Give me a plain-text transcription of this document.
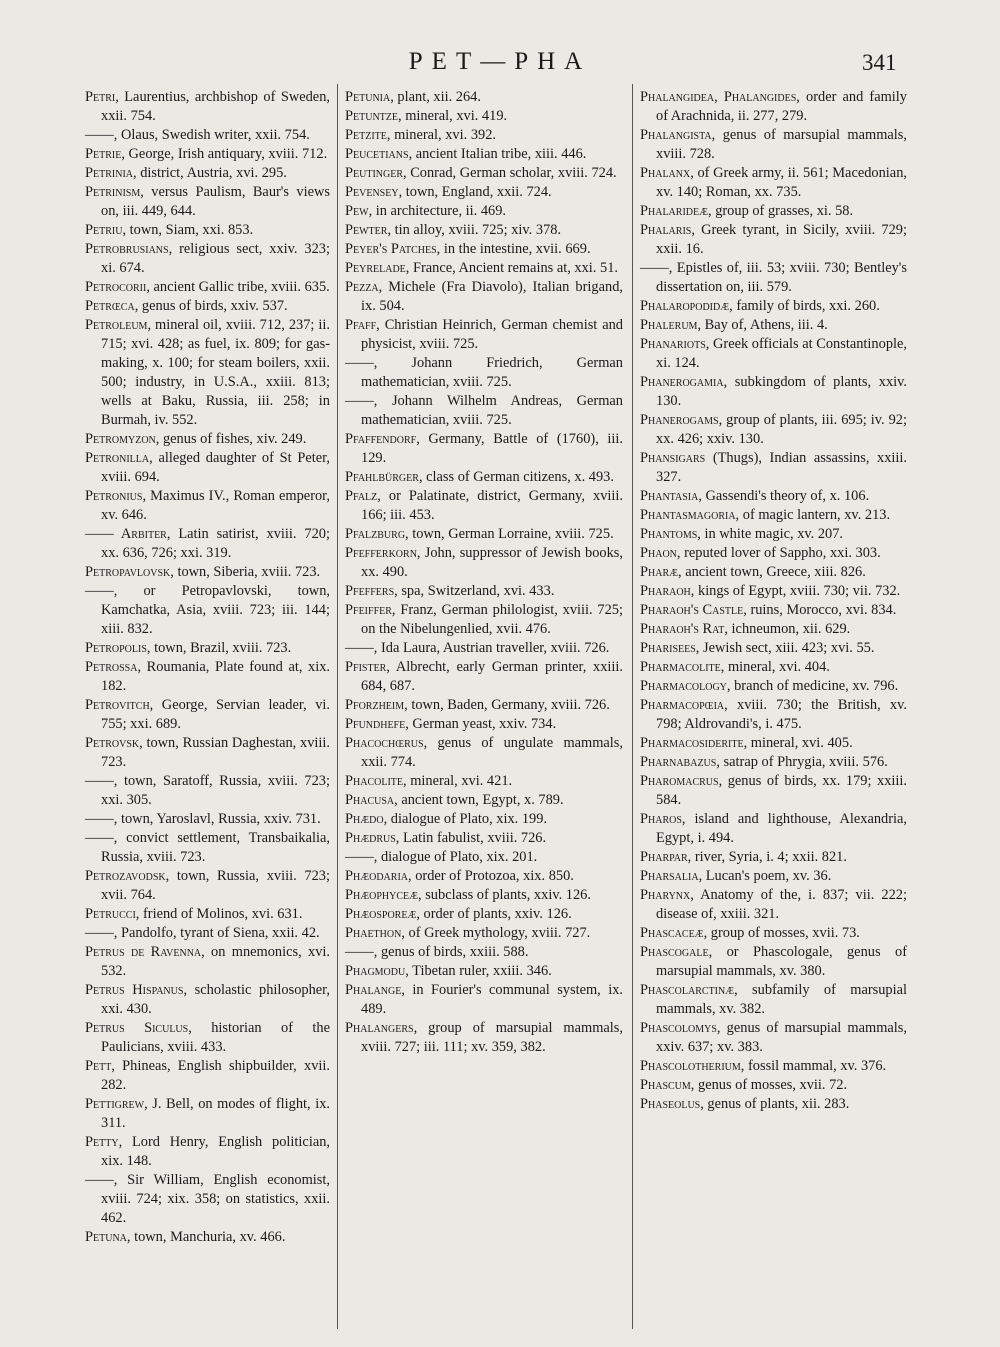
PET—PHA	341

Petri, Laurentius, archbishop of Sweden, xxii. 754.

——, Olaus, Swedish writer, xxii. 754.

Petrie, George, Irish antiquary, xviii. 712.

Petrinia, district, Austria, xvi. 295.

Petrinism, versus Paulism, Baur's views on, iii. 449, 644.

Petriu, town, Siam, xxi. 853.

Petrobrusians, religious sect, xxiv. 323; xi. 674.

Petrocorii, ancient Gallic tribe, xviii. 635.

Petrœca, genus of birds, xxiv. 537.

Petroleum, mineral oil, xviii. 712, 237; ii. 715; xvi. 428; as fuel, ix. 809; for gas-making, x. 100; for steam boilers, xxii. 500; industry, in U.S.A., xxiii. 813; wells at Baku, Russia, iii. 258; in Burmah, iv. 552.

Petromyzon, genus of fishes, xiv. 249.

Petronilla, alleged daughter of St Peter, xviii. 694.

Petronius, Maximus IV., Roman emperor, xv. 646.

—— Arbiter, Latin satirist, xviii. 720; xx. 636, 726; xxi. 319.

Petropavlovsk, town, Siberia, xviii. 723.

——, or Petropavlovski, town, Kamchatka, Asia, xviii. 723; iii. 144; xiii. 832.

Petropolis, town, Brazil, xviii. 723.

Petrossa, Roumania, Plate found at, xix. 182.

Petrovitch, George, Servian leader, vi. 755; xxi. 689.

Petrovsk, town, Russian Daghestan, xviii. 723.

——, town, Saratoff, Russia, xviii. 723; xxi. 305.

——, town, Yaroslavl, Russia, xxiv. 731.

——, convict settlement, Transbaikalia, Russia, xviii. 723.

Petrozavodsk, town, Russia, xviii. 723; xvii. 764.

Petrucci, friend of Molinos, xvi. 631.

——, Pandolfo, tyrant of Siena, xxii. 42.

Petrus de Ravenna, on mnemonics, xvi. 532.

Petrus Hispanus, scholastic philosopher, xxi. 430.

Petrus Siculus, historian of the Paulicians, xviii. 433.

Pett, Phineas, English shipbuilder, xvii. 282.

Pettigrew, J. Bell, on modes of flight, ix. 311.

Petty, Lord Henry, English politician, xix. 148.

——, Sir William, English economist, xviii. 724; xix. 358; on statistics, xxii. 462.

Petuna, town, Manchuria, xv. 466.

Petunia, plant, xii. 264.

Petuntze, mineral, xvi. 419.

Petzite, mineral, xvi. 392.

Peucetians, ancient Italian tribe, xiii. 446.

Peutinger, Conrad, German scholar, xviii. 724.

Pevensey, town, England, xxii. 724.

Pew, in architecture, ii. 469.

Pewter, tin alloy, xviii. 725; xiv. 378.

Peyer's Patches, in the intestine, xvii. 669.

Peyrelade, France, Ancient remains at, xxi. 51.

Pezza, Michele (Fra Diavolo), Italian brigand, ix. 504.

Pfaff, Christian Heinrich, German chemist and physicist, xviii. 725.

——, Johann Friedrich, German mathematician, xviii. 725.

——, Johann Wilhelm Andreas, German mathematician, xviii. 725.

Pfaffendorf, Germany, Battle of (1760), iii. 129.

Pfahlbürger, class of German citizens, x. 493.

Pfalz, or Palatinate, district, Germany, xviii. 166; iii. 453.

Pfalzburg, town, German Lorraine, xviii. 725.

Pfefferkorn, John, suppressor of Jewish books, xx. 490.

Pfeffers, spa, Switzerland, xvi. 433.

Pfeiffer, Franz, German philologist, xviii. 725; on the Nibelungenlied, xvii. 476.

——, Ida Laura, Austrian traveller, xviii. 726.

Pfister, Albrecht, early German printer, xxiii. 684, 687.

Pforzheim, town, Baden, Germany, xviii. 726.

Pfundhefe, German yeast, xxiv. 734.

Phacochœrus, genus of ungulate mammals, xxii. 774.

Phacolite, mineral, xvi. 421.

Phacusa, ancient town, Egypt, x. 789.

Phædo, dialogue of Plato, xix. 199.

Phædrus, Latin fabulist, xviii. 726.

——, dialogue of Plato, xix. 201.

Phæodaria, order of Protozoa, xix. 850.

Phæophyceæ, subclass of plants, xxiv. 126.

Phæosporeæ, order of plants, xxiv. 126.

Phaethon, of Greek mythology, xviii. 727.

——, genus of birds, xxiii. 588.

Phagmodu, Tibetan ruler, xxiii. 346.

Phalange, in Fourier's communal system, ix. 489.

Phalangers, group of marsupial mammals, xviii. 727; iii. 111; xv. 359, 382.

Phalangidea, Phalangides, order and family of Arachnida, ii. 277, 279.

Phalangista, genus of marsupial mammals, xviii. 728.

Phalanx, of Greek army, ii. 561; Macedonian, xv. 140; Roman, xx. 735.

Phalarideæ, group of grasses, xi. 58.

Phalaris, Greek tyrant, in Sicily, xviii. 729; xxii. 16.

——, Epistles of, iii. 53; xviii. 730; Bentley's dissertation on, iii. 579.

Phalaropodidæ, family of birds, xxi. 260.

Phalerum, Bay of, Athens, iii. 4.

Phanariots, Greek officials at Constantinople, xi. 124.

Phanerogamia, subkingdom of plants, xxiv. 130.

Phanerogams, group of plants, iii. 695; iv. 92; xx. 426; xxiv. 130.

Phansigars (Thugs), Indian assassins, xxiii. 327.

Phantasia, Gassendi's theory of, x. 106.

Phantasmagoria, of magic lantern, xv. 213.

Phantoms, in white magic, xv. 207.

Phaon, reputed lover of Sappho, xxi. 303.

Pharæ, ancient town, Greece, xiii. 826.

Pharaoh, kings of Egypt, xviii. 730; vii. 732.

Pharaoh's Castle, ruins, Morocco, xvi. 834.

Pharaoh's Rat, ichneumon, xii. 629.

Pharisees, Jewish sect, xiii. 423; xvi. 55.

Pharmacolite, mineral, xvi. 404.

Pharmacology, branch of medicine, xv. 796.

Pharmacopœia, xviii. 730; the British, xv. 798; Aldrovandi's, i. 475.

Pharmacosiderite, mineral, xvi. 405.

Pharnabazus, satrap of Phrygia, xviii. 576.

Pharomacrus, genus of birds, xx. 179; xxiii. 584.

Pharos, island and lighthouse, Alexandria, Egypt, i. 494.

Pharpar, river, Syria, i. 4; xxii. 821.

Pharsalia, Lucan's poem, xv. 36.

Pharynx, Anatomy of the, i. 837; vii. 222; disease of, xxiii. 321.

Phascaceæ, group of mosses, xvii. 73.

Phascogale, or Phascologale, genus of marsupial mammals, xv. 380.

Phascolarctinæ, subfamily of marsupial mammals, xv. 382.

Phascolomys, genus of marsupial mammals, xxiv. 637; xv. 383.

Phascolotherium, fossil mammal, xv. 376.

Phascum, genus of mosses, xvii. 72.

Phaseolus, genus of plants, xii. 283.
